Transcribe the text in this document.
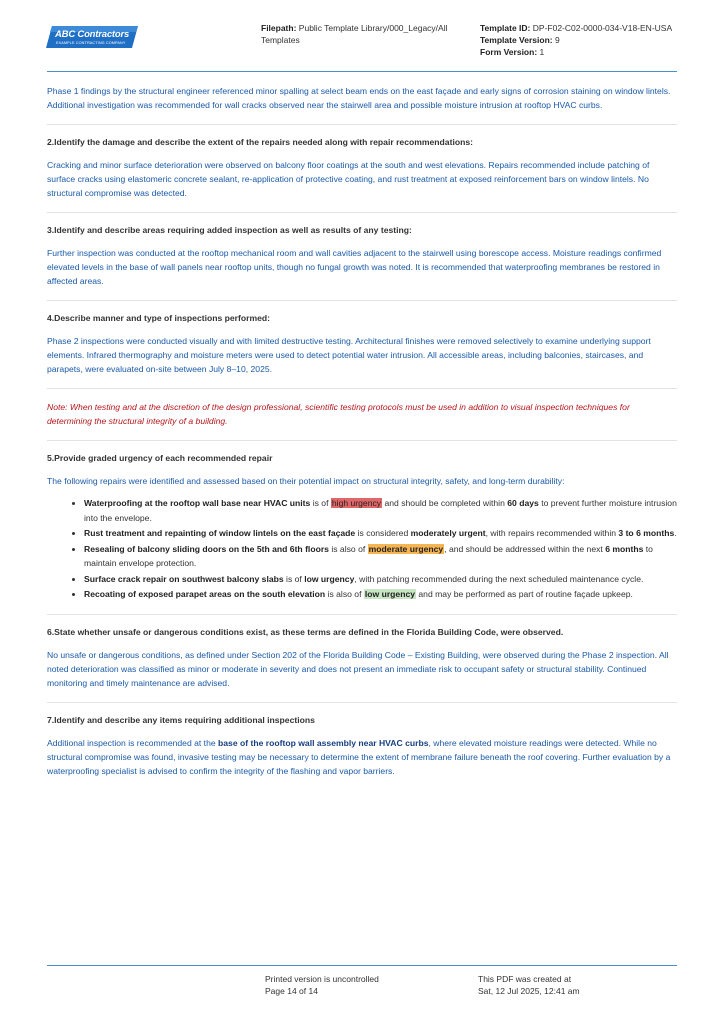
ABC Contractors
EXAMPLE CONTRACTING COMPANY
Filepath: Public Template Library/000_Legacy/All Templates
Template ID: DP-F02-C02-0000-034-V18-EN-USA
Template Version: 9
Form Version: 1

Phase 1 findings by the structural engineer referenced minor spalling at select beam ends on the east façade and early signs of corrosion staining on window lintels. Additional investigation was recommended for wall cracks observed near the stairwell area and possible moisture intrusion at rooftop HVAC curbs.

2.Identify the damage and describe the extent of the repairs needed along with repair recommendations:

Cracking and minor surface deterioration were observed on balcony floor coatings at the south and west elevations. Repairs recommended include patching of surface cracks using elastomeric concrete sealant, re-application of protective coating, and rust treatment at exposed reinforcement bars on window lintels. No structural compromise was detected.

3.Identify and describe areas requiring added inspection as well as results of any testing:

Further inspection was conducted at the rooftop mechanical room and wall cavities adjacent to the stairwell using borescope access. Moisture readings confirmed elevated levels in the base of wall panels near rooftop units, though no fungal growth was noted. It is recommended that waterproofing membranes be restored in affected areas.

4.Describe manner and type of inspections performed:

Phase 2 inspections were conducted visually and with limited destructive testing. Architectural finishes were removed selectively to examine underlying support elements. Infrared thermography and moisture meters were used to detect potential water intrusion. All accessible areas, including balconies, staircases, and parapets, were evaluated on-site between July 8–10, 2025.

Note: When testing and at the discretion of the design professional, scientific testing protocols must be used in addition to visual inspection techniques for determining the structural integrity of a building.

5.Provide graded urgency of each recommended repair

The following repairs were identified and assessed based on their potential impact on structural integrity, safety, and long-term durability:

• Waterproofing at the rooftop wall base near HVAC units is of high urgency and should be completed within 60 days to prevent further moisture intrusion into the envelope.
• Rust treatment and repainting of window lintels on the east façade is considered moderately urgent, with repairs recommended within 3 to 6 months.
• Resealing of balcony sliding doors on the 5th and 6th floors is also of moderate urgency, and should be addressed within the next 6 months to maintain envelope protection.
• Surface crack repair on southwest balcony slabs is of low urgency, with patching recommended during the next scheduled maintenance cycle.
• Recoating of exposed parapet areas on the south elevation is also of low urgency and may be performed as part of routine façade upkeep.

6.State whether unsafe or dangerous conditions exist, as these terms are defined in the Florida Building Code, were observed.

No unsafe or dangerous conditions, as defined under Section 202 of the Florida Building Code – Existing Building, were observed during the Phase 2 inspection. All noted deterioration was classified as minor or moderate in severity and does not present an immediate risk to occupant safety or structural stability. Continued monitoring and timely maintenance are advised.

7.Identify and describe any items requiring additional inspections

Additional inspection is recommended at the base of the rooftop wall assembly near HVAC curbs, where elevated moisture readings were detected. While no structural compromise was found, invasive testing may be necessary to determine the extent of membrane failure beneath the roof covering. Further evaluation by a waterproofing specialist is advised to confirm the integrity of the flashing and vapor barriers.

Printed version is uncontrolled
Page 14 of 14
This PDF was created at
Sat, 12 Jul 2025, 12:41 am
